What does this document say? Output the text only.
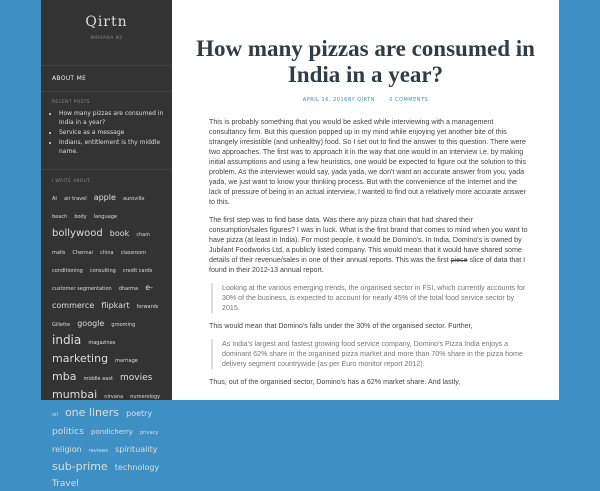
Qirtn
NIRVANA 92
ABOUT ME
RECENT POSTS
• How many pizzas are consumed in India in a year?
• Service as a message
• Indians, entitlement is thy middle name.
I WRITE ABOUT
AI air travel apple auroville beach body language bollywood book chain malls Chennai china classroom conditioning consulting credit cards customer segmentation dharma e-commerce flipkart forwards Gillette google grooming india magazines marketing marriage mba middle east movies mumbai nirvana numerology oil one liners poetry politics pondicherry privacy religion reviews spirituality sub-prime technology Travel
How many pizzas are consumed in India in a year?
APRIL 16, 2016BY QIRTN · 0 COMMENTS

This is probably something that you would be asked while interviewing with a management consultancy firm. But this question popped up in my mind while enjoying yet another bite of this strangely irresistible (and unhealthy) food. So I set out to find the answer to this question. There were two approaches. The first was to approach it in the way that one would in an interview i.e. by making initial assumptions and using a few heuristics, one would be expected to figure out the solution to this problem. As the interviewer would say, yada yada, we don't want an accurate answer from you, yada yada, we just want to know your thinking process. But with the convenience of the Internet and the lack of pressure of being in an actual interview, I wanted to find out a relatively more accurate answer to this.

The first step was to find base data. Was there any pizza chain that had shared their consumption/sales figures? I was in luck. What is the first brand that comes to mind when you want to have pizza (at least in India). For most people, it would be Domino's. In India, Domino's is owned by Jubilant Foodworks Ltd, a publicly listed company. This would mean that it would have shared some details of their revenue/sales in one of their annual reports. This was the first piece slice of data that I found in their 2012-13 annual report.

Looking at the various emerging trends, the organised sector in FSI, which currently accounts for 30% of the business, is expected to account for nearly 45% of the total food service sector by 2015.

This would mean that Domino's falls under the 30% of the organised sector. Further,

As India's largest and fastest growing food service company, Domino's Pizza India enjoys a dominant 62% share in the organised pizza market and more than 70% share in the pizza home delivery segment countrywide (as per Euro monitor report 2012).

Thus, out of the organised sector, Domino's has a 62% market share. And lastly,
